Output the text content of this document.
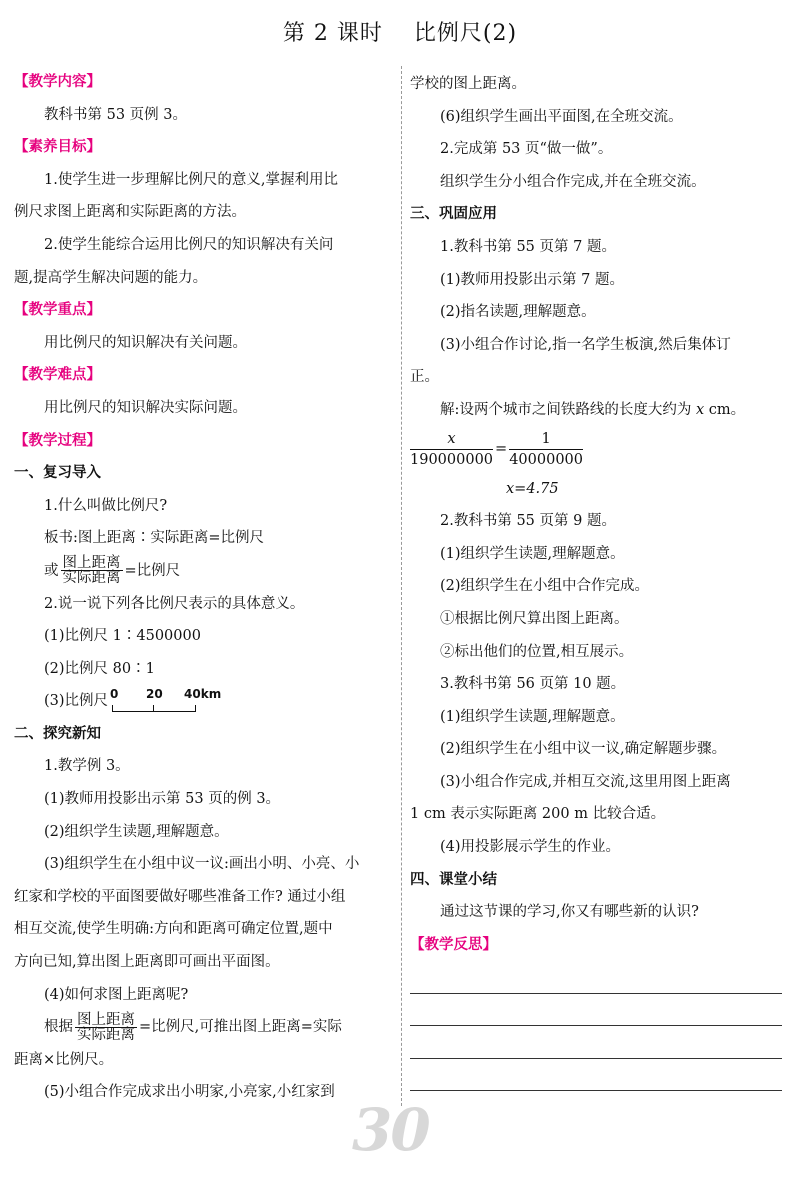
第 2 课时　 比例尺(2)
【教学内容】
教科书第 53 页例 3。
【素养目标】
1.使学生进一步理解比例尺的意义,掌握利用比
例尺求图上距离和实际距离的方法。
2.使学生能综合运用比例尺的知识解决有关问
题,提高学生解决问题的能力。
【教学重点】
用比例尺的知识解决有关问题。
【教学难点】
用比例尺的知识解决实际问题。
【教学过程】
一、复习导入
1.什么叫做比例尺?
板书:图上距离∶实际距离=比例尺
或 $\frac{\text{图上距离}}{\text{实际距离}}$ =比例尺
2.说一说下列各比例尺表示的具体意义。
(1)比例尺 1∶4500000
(2)比例尺 80∶1
(3)比例尺 0 20 40km
二、探究新知
1.教学例 3。
(1)教师用投影出示第 53 页的例 3。
(2)组织学生读题,理解题意。
(3)组织学生在小组中议一议:画出小明、小亮、小
红家和学校的平面图要做好哪些准备工作? 通过小组
相互交流,使学生明确:方向和距离可确定位置,题中
方向已知,算出图上距离即可画出平面图。
(4)如何求图上距离呢?
根据 $\frac{\text{图上距离}}{\text{实际距离}}$ =比例尺,可推出图上距离=实际
距离×比例尺。
(5)小组合作完成求出小明家,小亮家,小红家到
学校的图上距离。
(6)组织学生画出平面图,在全班交流。
2.完成第 53 页“做一做”。
组织学生分小组合作完成,并在全班交流。
三、巩固应用
1.教科书第 55 页第 7 题。
(1)教师用投影出示第 7 题。
(2)指名读题,理解题意。
(3)小组合作讨论,指一名学生板演,然后集体订
正。
解:设两个城市之间铁路线的长度大约为 x cm。
$\frac{x}{190000000} = \frac{1}{40000000}$
x=4.75
2.教科书第 55 页第 9 题。
(1)组织学生读题,理解题意。
(2)组织学生在小组中合作完成。
①根据比例尺算出图上距离。
②标出他们的位置,相互展示。
3.教科书第 56 页第 10 题。
(1)组织学生读题,理解题意。
(2)组织学生在小组中议一议,确定解题步骤。
(3)小组合作完成,并相互交流,这里用图上距离
1 cm 表示实际距离 200 m 比较合适。
(4)用投影展示学生的作业。
四、课堂小结
通过这节课的学习,你又有哪些新的认识?
【教学反思】
30
